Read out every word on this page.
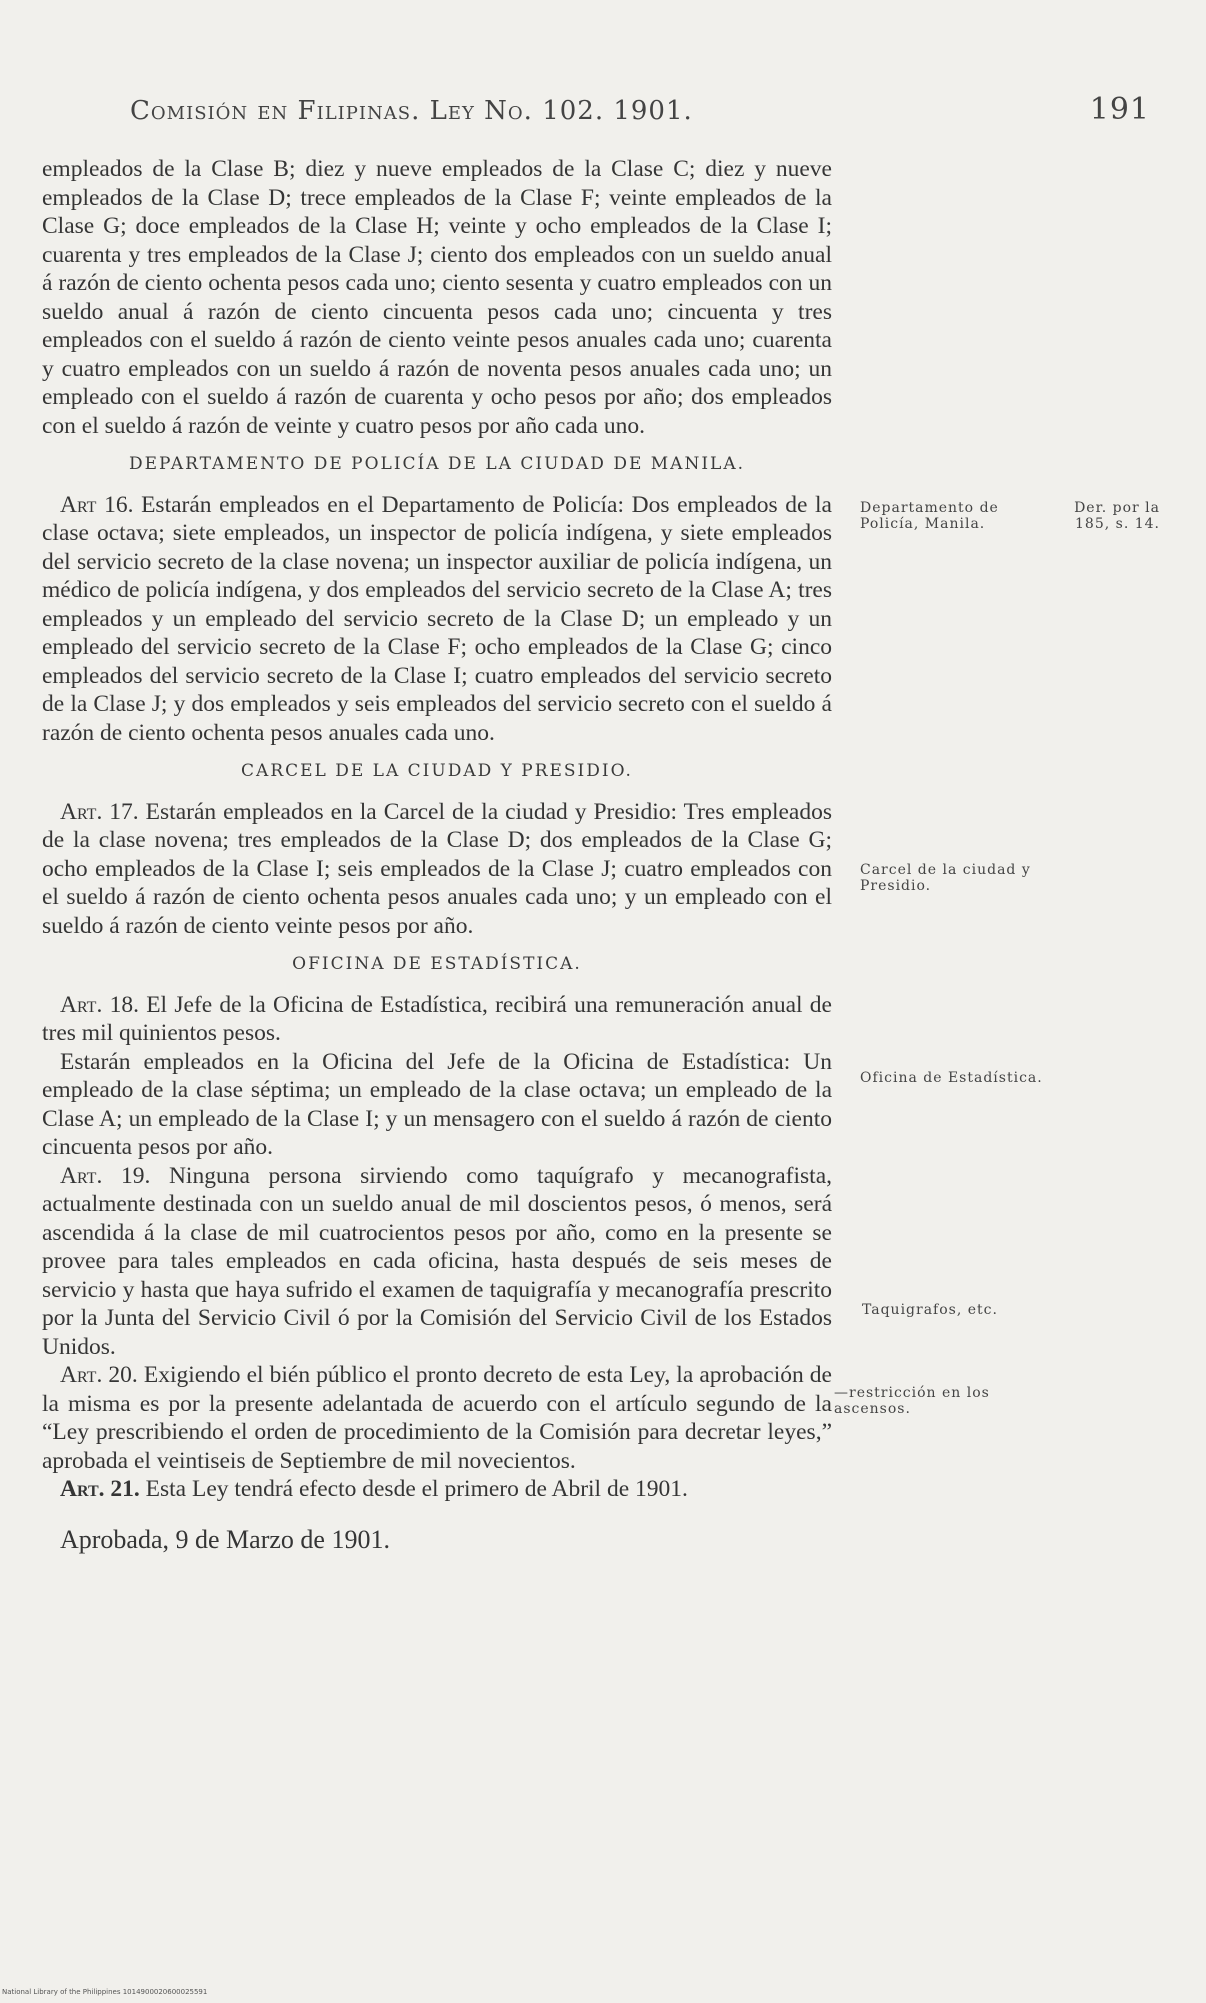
Comisión en Filipinas. Ley No. 102. 1901.	191

empleados de la Clase B; diez y nueve empleados de la Clase C; diez y nueve empleados de la Clase D; trece empleados de la Clase F; veinte empleados de la Clase G; doce empleados de la Clase H; veinte y ocho empleados de la Clase I; cuarenta y tres empleados de la Clase J; ciento dos empleados con un sueldo anual á razón de ciento ochenta pesos cada uno; ciento sesenta y cuatro empleados con un sueldo anual á razón de ciento cincuenta pesos cada uno; cincuenta y tres empleados con el sueldo á razón de ciento veinte pesos anuales cada uno; cuarenta y cuatro empleados con un sueldo á razón de noventa pesos anuales cada uno; un empleado con el sueldo á razón de cuarenta y ocho pesos por año; dos empleados con el sueldo á razón de veinte y cuatro pesos por año cada uno.

DEPARTAMENTO DE POLICÍA DE LA CIUDAD DE MANILA.

Art 16. Estarán empleados en el Departamento de Policía: Dos empleados de la clase octava; siete empleados, un inspector de policía indígena, y siete empleados del servicio secreto de la clase novena; un inspector auxiliar de policía indígena, un médico de policía indígena, y dos empleados del servicio secreto de la Clase A; tres empleados y un empleado del servicio secreto de la Clase D; un empleado y un empleado del servicio secreto de la Clase F; ocho empleados de la Clase G; cinco empleados del servicio secreto de la Clase I; cuatro empleados del servicio secreto de la Clase J; y dos empleados y seis empleados del servicio secreto con el sueldo á razón de ciento ochenta pesos anuales cada uno.

CARCEL DE LA CIUDAD Y PRESIDIO.

Art. 17. Estarán empleados en la Carcel de la ciudad y Presidio: Tres empleados de la clase novena; tres empleados de la Clase D; dos empleados de la Clase G; ocho empleados de la Clase I; seis empleados de la Clase J; cuatro empleados con el sueldo á razón de ciento ochenta pesos anuales cada uno; y un empleado con el sueldo á razón de ciento veinte pesos por año.

OFICINA DE ESTADÍSTICA.

Art. 18. El Jefe de la Oficina de Estadística, recibirá una remuneración anual de tres mil quinientos pesos.

Estarán empleados en la Oficina del Jefe de la Oficina de Estadística: Un empleado de la clase séptima; un empleado de la clase octava; un empleado de la Clase A; un empleado de la Clase I; y un mensagero con el sueldo á razón de ciento cincuenta pesos por año.

Art. 19. Ninguna persona sirviendo como taquígrafo y mecanografista, actualmente destinada con un sueldo anual de mil doscientos pesos, ó menos, será ascendida á la clase de mil cuatrocientos pesos por año, como en la presente se provee para tales empleados en cada oficina, hasta después de seis meses de servicio y hasta que haya sufrido el examen de taquigrafía y mecanografía prescrito por la Junta del Servicio Civil ó por la Comisión del Servicio Civil de los Estados Unidos.

Art. 20. Exigiendo el bién público el pronto decreto de esta Ley, la aprobación de la misma es por la presente adelantada de acuerdo con el artículo segundo de la “Ley prescribiendo el orden de procedimiento de la Comisión para decretar leyes,” aprobada el veintiseis de Septiembre de mil novecientos.

Art. 21. Esta Ley tendrá efecto desde el primero de Abril de 1901.

Aprobada, 9 de Marzo de 1901.

Departamento de Policía, Manila.
Der. por la 185, s. 14.
Carcel de la ciudad y Presidio.
Oficina de Estadística.
Taquigrafos, etc.
—restricción en los ascensos.
National Library of the Philippines 1014900020600025591
